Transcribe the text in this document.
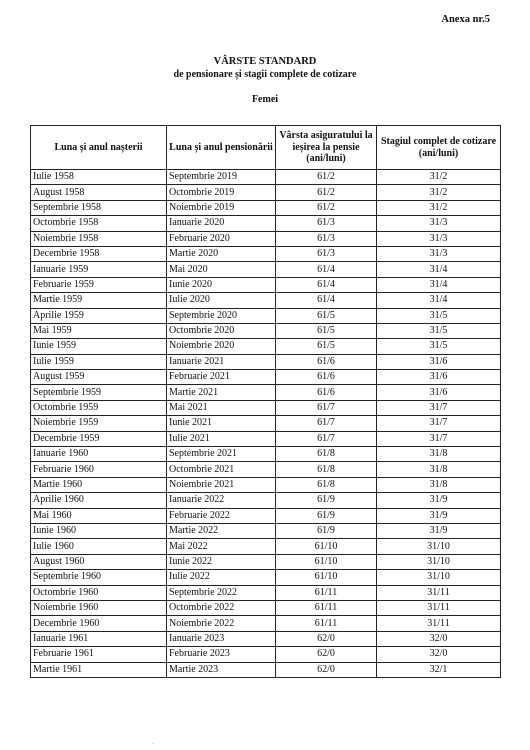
Anexa nr.5
VÂRSTE STANDARD
de pensionare și stagii complete de cotizare
Femei
Luna și anul nașterii	Luna și anul pensionării	Vârsta asiguratului la ieșirea la pensie (ani/luni)	Stagiul complet de cotizare (ani/luni)
Iulie 1958	Septembrie 2019	61/2	31/2
August 1958	Octombrie 2019	61/2	31/2
Septembrie 1958	Noiembrie 2019	61/2	31/2
Octombrie 1958	Ianuarie 2020	61/3	31/3
Noiembrie 1958	Februarie 2020	61/3	31/3
Decembrie 1958	Martie 2020	61/3	31/3
Ianuarie 1959	Mai 2020	61/4	31/4
Februarie 1959	Iunie 2020	61/4	31/4
Martie 1959	Iulie 2020	61/4	31/4
Aprilie 1959	Septembrie 2020	61/5	31/5
Mai 1959	Octombrie 2020	61/5	31/5
Iunie 1959	Noiembrie 2020	61/5	31/5
Iulie 1959	Ianuarie 2021	61/6	31/6
August 1959	Februarie 2021	61/6	31/6
Septembrie 1959	Martie 2021	61/6	31/6
Octombrie 1959	Mai 2021	61/7	31/7
Noiembrie 1959	Iunie 2021	61/7	31/7
Decembrie 1959	Iulie 2021	61/7	31/7
Ianuarie 1960	Septembrie 2021	61/8	31/8
Februarie 1960	Octombrie 2021	61/8	31/8
Martie 1960	Noiembrie 2021	61/8	31/8
Aprilie 1960	Ianuarie 2022	61/9	31/9
Mai 1960	Februarie 2022	61/9	31/9
Iunie 1960	Martie 2022	61/9	31/9
Iulie 1960	Mai 2022	61/10	31/10
August 1960	Iunie 2022	61/10	31/10
Septembrie 1960	Iulie 2022	61/10	31/10
Octombrie 1960	Septembrie 2022	61/11	31/11
Noiembrie 1960	Octombrie 2022	61/11	31/11
Decembrie 1960	Noiembrie 2022	61/11	31/11
Ianuarie 1961	Ianuarie 2023	62/0	32/0
Februarie 1961	Februarie 2023	62/0	32/0
Martie 1961	Martie 2023	62/0	32/1
.
